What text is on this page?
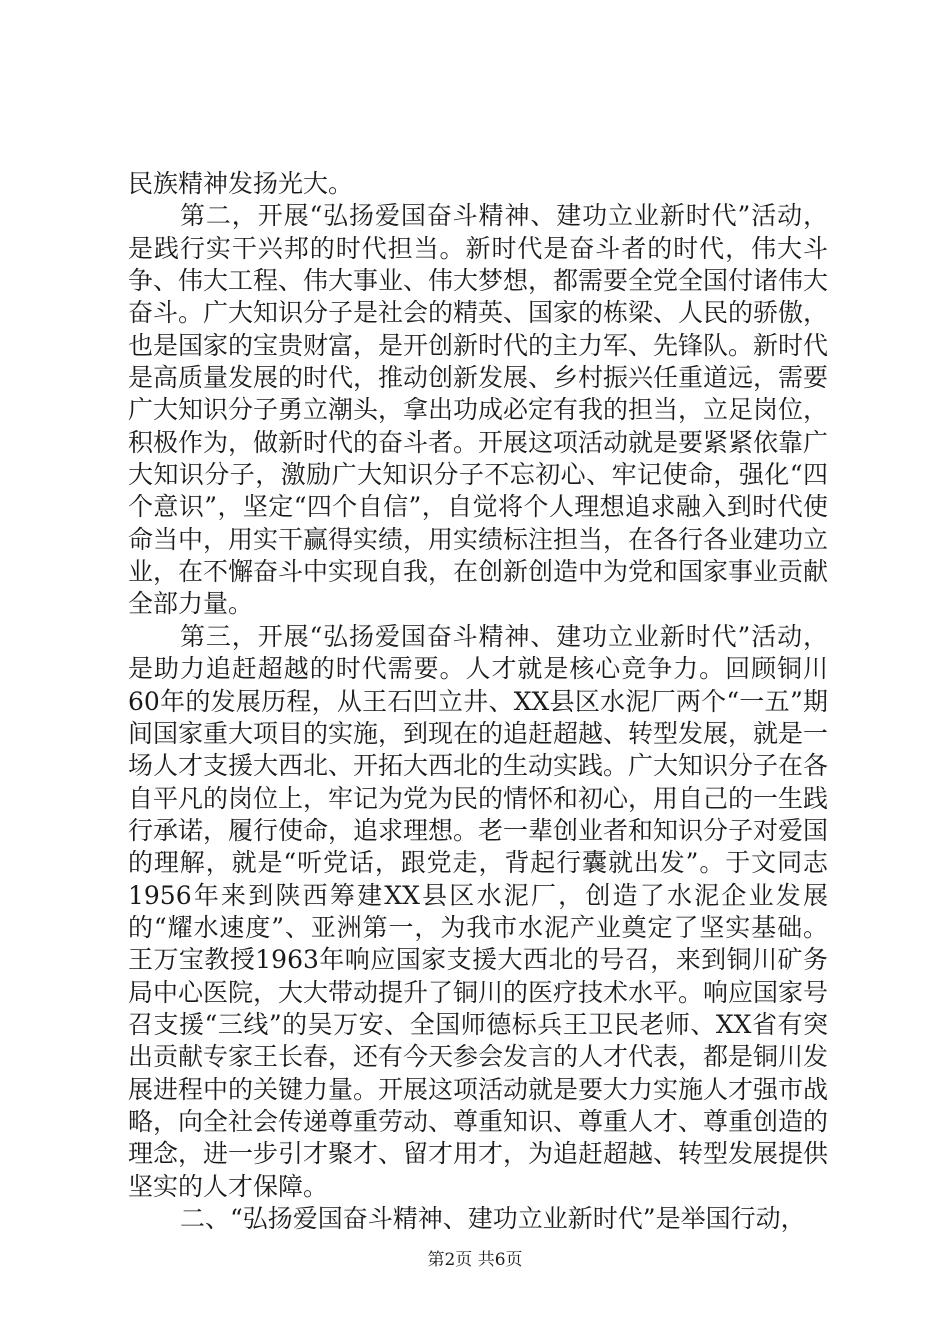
民族精神发扬光大。

第二，开展“弘扬爱国奋斗精神、建功立业新时代”活动，是践行实干兴邦的时代担当。新时代是奋斗者的时代，伟大斗争、伟大工程、伟大事业、伟大梦想，都需要全党全国付诸伟大奋斗。广大知识分子是社会的精英、国家的栋梁、人民的骄傲，也是国家的宝贵财富，是开创新时代的主力军、先锋队。新时代是高质量发展的时代，推动创新发展、乡村振兴任重道远，需要广大知识分子勇立潮头，拿出功成必定有我的担当，立足岗位，积极作为，做新时代的奋斗者。开展这项活动就是要紧紧依靠广大知识分子，激励广大知识分子不忘初心、牢记使命，强化“四个意识”，坚定“四个自信”，自觉将个人理想追求融入到时代使命当中，用实干赢得实绩，用实绩标注担当，在各行各业建功立业，在不懈奋斗中实现自我，在创新创造中为党和国家事业贡献全部力量。

第三，开展“弘扬爱国奋斗精神、建功立业新时代”活动，是助力追赶超越的时代需要。人才就是核心竞争力。回顾铜川60年的发展历程，从王石凹立井、XX县区水泥厂两个“一五”期间国家重大项目的实施，到现在的追赶超越、转型发展，就是一场人才支援大西北、开拓大西北的生动实践。广大知识分子在各自平凡的岗位上，牢记为党为民的情怀和初心，用自己的一生践行承诺，履行使命，追求理想。老一辈创业者和知识分子对爱国的理解，就是“听党话，跟党走，背起行囊就出发”。于文同志1956年来到陕西筹建XX县区水泥厂，创造了水泥企业发展的“耀水速度”、亚洲第一，为我市水泥产业奠定了坚实基础。王万宝教授1963年响应国家支援大西北的号召，来到铜川矿务局中心医院，大大带动提升了铜川的医疗技术水平。响应国家号召支援“三线”的吴万安、全国师德标兵王卫民老师、XX省有突出贡献专家王长春，还有今天参会发言的人才代表，都是铜川发展进程中的关键力量。开展这项活动就是要大力实施人才强市战略，向全社会传递尊重劳动、尊重知识、尊重人才、尊重创造的理念，进一步引才聚才、留才用才，为追赶超越、转型发展提供坚实的人才保障。

二、“弘扬爱国奋斗精神、建功立业新时代”是举国行动，

第2页 共6页
